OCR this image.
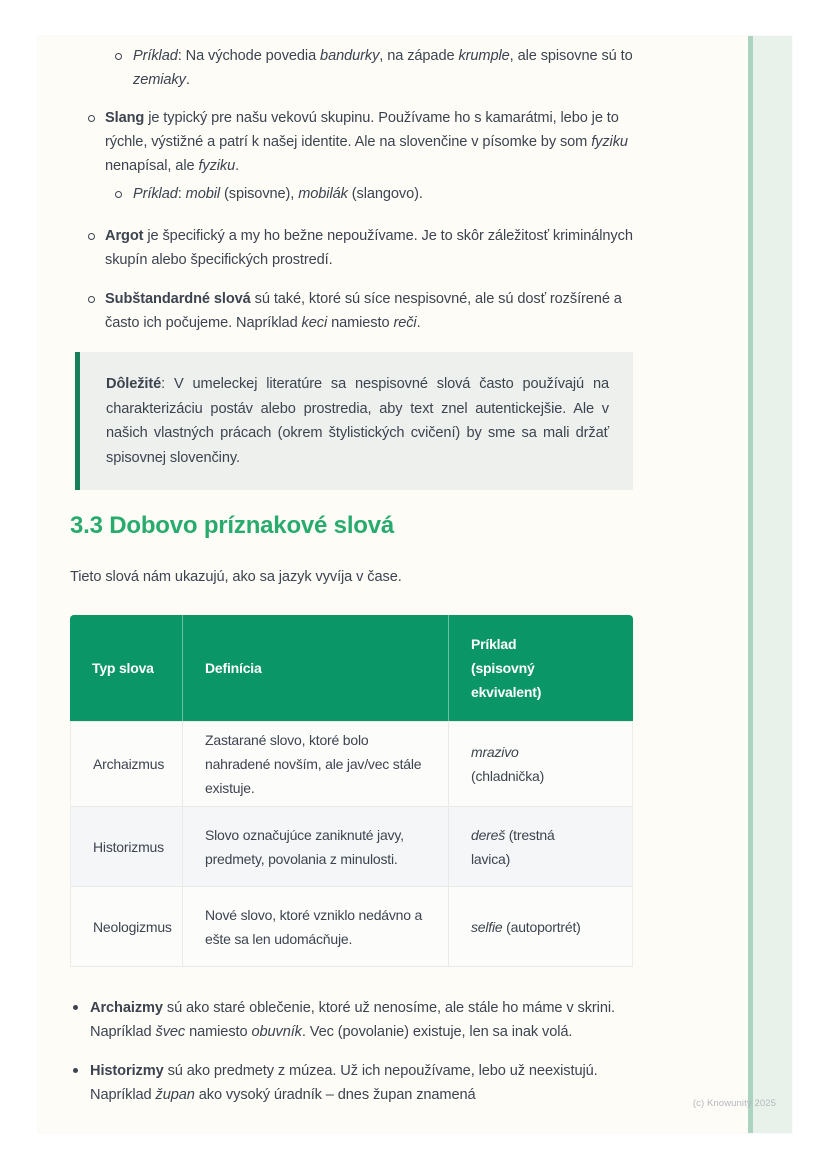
Príklad: Na východe povedia bandurky, na západe krumple, ale spisovne sú to zemiaky.
Slang je typický pre našu vekovú skupinu. Používame ho s kamarátmi, lebo je to rýchle, výstižné a patrí k našej identite. Ale na slovenčine v písomke by som fyziku nenapísal, ale fyziku.
Príklad: mobil (spisovne), mobilák (slangovo).
Argot je špecifický a my ho bežne nepoužívame. Je to skôr záležitosť kriminálnych skupín alebo špecifických prostredí.
Subštandardné slová sú také, ktoré sú síce nespisovné, ale sú dosť rozšírené a často ich počujeme. Napríklad keci namiesto reči.

Dôležité: V umeleckej literatúre sa nespisovné slová často používajú na charakterizáciu postáv alebo prostredia, aby text znel autentickejšie. Ale v našich vlastných prácach (okrem štylistických cvičení) by sme sa mali držať spisovnej slovenčiny.

3.3 Dobovo príznakové slová
Tieto slová nám ukazujú, ako sa jazyk vyvíja v čase.
Typ slova	Definícia
Príklad (spisovný ekvivalent)
Archaizmus
Zastarané slovo, ktoré bolo nahradené novším, ale jav/vec stále existuje.
mrazivo (chladnička)
Historizmus
Slovo označujúce zaniknuté javy, predmety, povolania z minulosti.
dereš (trestná lavica)
Neologizmus
Nové slovo, ktoré vzniklo nedávno a ešte sa len udomácňuje.
selfie (autoportrét)
Archaizmy sú ako staré oblečenie, ktoré už nenosíme, ale stále ho máme v skrini. Napríklad švec namiesto obuvník. Vec (povolanie) existuje, len sa inak volá.
Historizmy sú ako predmety z múzea. Už ich nepoužívame, lebo už neexistujú. Napríklad župan ako vysoký úradník – dnes župan znamená
(c) Knowunity 2025
